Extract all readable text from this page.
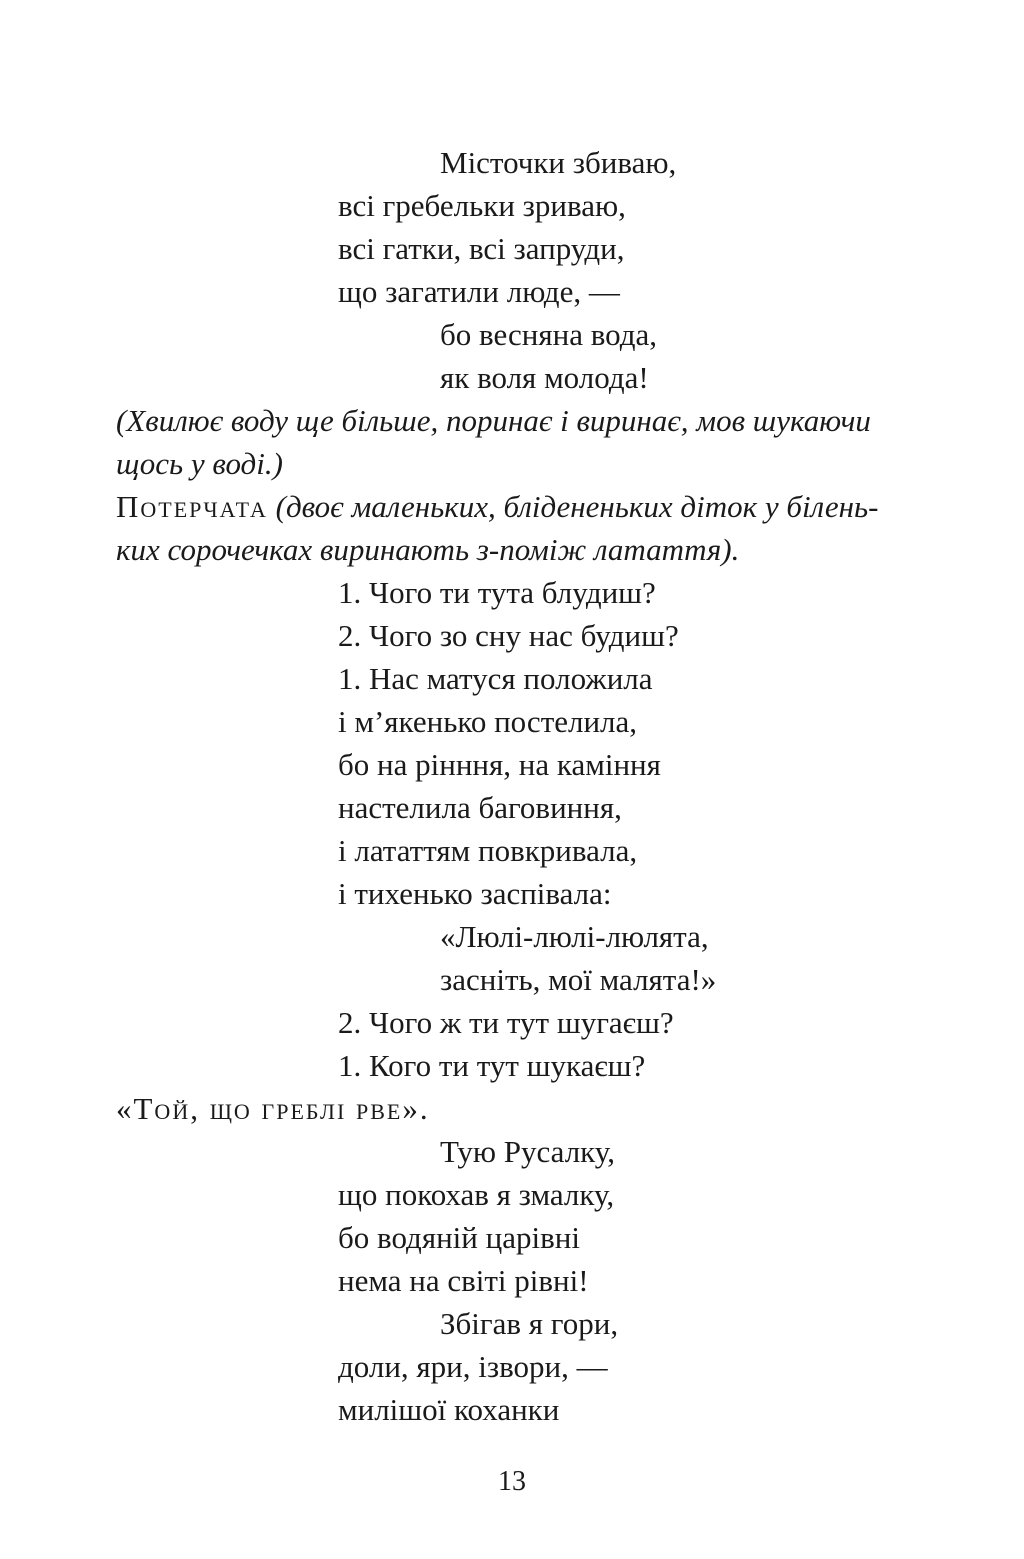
Місточки збиваю,
всі гребельки зриваю,
всі гатки, всі запруди,
що загатили люде, —
бо весняна вода,
як воля молода!
(Хвилює воду ще більше, поринає і виринає, мов шукаючи
щось у воді.)
Потерчата (двоє маленьких, блідененьких діток у білень-
ких сорочечках виринають з-поміж латаття).
1. Чого ти тута блудиш?
2. Чого зо сну нас будиш?
1. Нас матуся положила
і м’якенько постелила,
бо на рінння, на каміння
настелила баговиння,
і лататтям повкривала,
і тихенько заспівала:
«Люлі-люлі-люлята,
засніть, мої малята!»
2. Чого ж ти тут шугаєш?
1. Кого ти тут шукаєш?
«Той, що греблі рве».
Тую Русалку,
що покохав я змалку,
бо водяній царівні
нема на світі рівні!
Збігав я гори,
доли, яри, ізвори, —
милішої коханки
13
